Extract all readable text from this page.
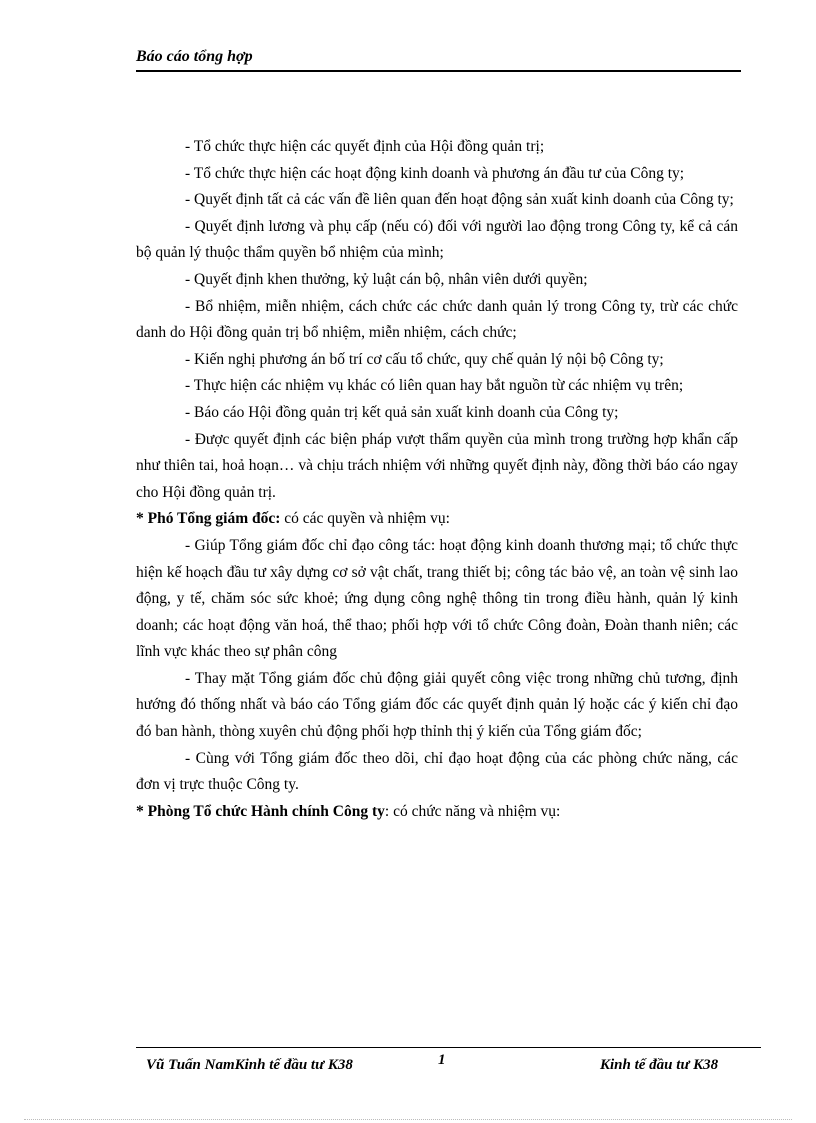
Báo cáo tổng hợp

- Tổ chức thực hiện các quyết định của Hội đồng quản trị;

- Tổ chức thực hiện các hoạt động kinh doanh và phương án đầu tư của Công ty;

- Quyết định tất cả các vấn đề liên quan đến hoạt động sản xuất kinh doanh của Công ty;

- Quyết định lương và phụ cấp (nếu có) đối với người lao động trong Công ty, kể cả cán bộ quản lý thuộc thẩm quyền bổ nhiệm của mình;

- Quyết định khen thưởng, kỷ luật cán bộ, nhân viên dưới quyền;

- Bổ nhiệm, miễn nhiệm, cách chức các chức danh quản lý trong Công ty, trừ các chức danh do Hội đồng quản trị bổ nhiệm, miễn nhiệm, cách chức;

- Kiến nghị phương án bố trí cơ cấu tổ chức, quy chế quản lý nội bộ Công ty;

- Thực hiện các nhiệm vụ khác có liên quan hay bắt nguồn từ các nhiệm vụ trên;

- Báo cáo Hội đồng quản trị kết quả sản xuất kinh doanh của Công ty;

- Được quyết định các biện pháp vượt thẩm quyền của mình trong trường hợp khẩn cấp như thiên tai, hoả hoạn… và chịu trách nhiệm với những quyết định này, đồng thời báo cáo ngay cho Hội đồng quản trị.

* Phó Tổng giám đốc: có các quyền và nhiệm vụ:

- Giúp Tổng giám đốc chỉ đạo công tác: hoạt động kinh doanh thương mại; tổ chức thực hiện kế hoạch đầu tư xây dựng cơ sở vật chất, trang thiết bị; công tác bảo vệ, an toàn vệ sinh lao động, y tế, chăm sóc sức khoẻ; ứng dụng công nghệ thông tin trong điều hành, quản lý kinh doanh; các hoạt động văn hoá, thể thao; phối hợp với tổ chức Công đoàn, Đoàn thanh niên; các lĩnh vực khác theo sự phân công

- Thay mặt Tổng giám đốc chủ động giải quyết công việc trong những chủ tương, định hướng đó thống nhất và báo cáo Tổng giám đốc các quyết định quản lý hoặc các ý kiến chỉ đạo đó ban hành, thòng xuyên chủ động phối hợp thỉnh thị ý kiến của Tổng giám đốc;

- Cùng với Tổng giám đốc theo dõi, chỉ đạo hoạt động của các phòng chức năng, các đơn vị trực thuộc Công ty.

* Phòng Tổ chức Hành chính Công ty: có chức năng và nhiệm vụ:

Vũ Tuấn NamKinh tế đầu tư K38	1	Kinh tế đầu tư K38
